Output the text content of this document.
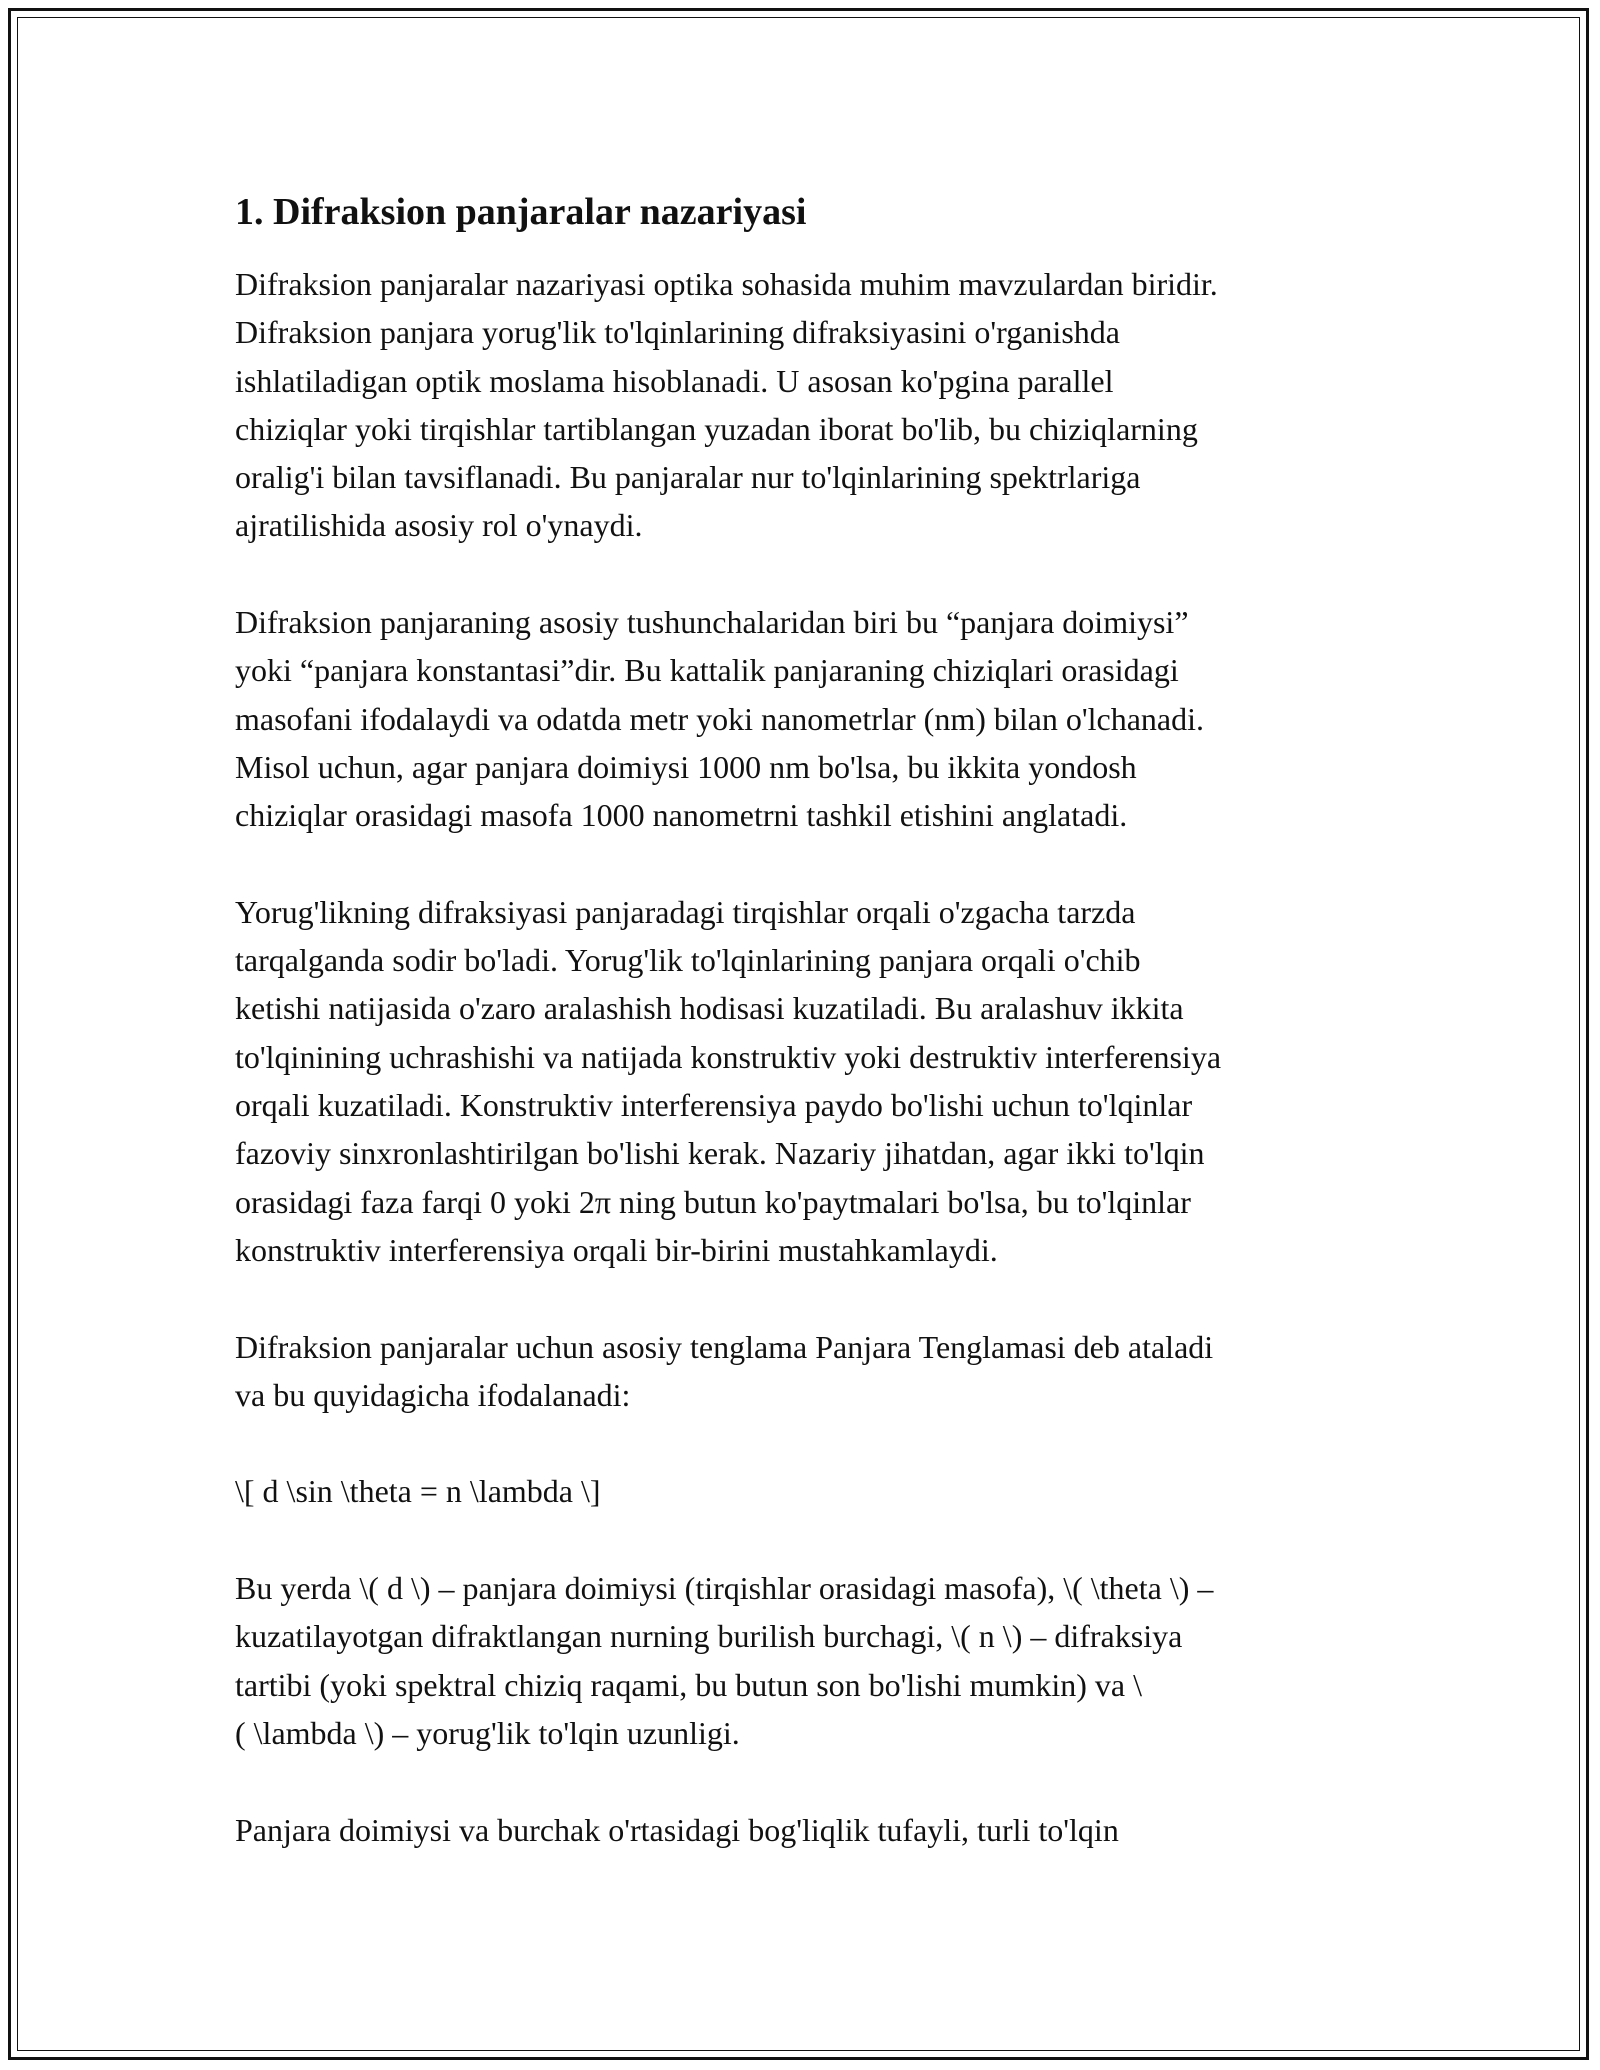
1. Difraksion panjaralar nazariyasi
Difraksion panjaralar nazariyasi optika sohasida muhim mavzulardan biridir.
Difraksion panjara yorug'lik to'lqinlarining difraksiyasini o'rganishda
ishlatiladigan optik moslama hisoblanadi. U asosan ko'pgina parallel
chiziqlar yoki tirqishlar tartiblangan yuzadan iborat bo'lib, bu chiziqlarning
oralig'i bilan tavsiflanadi. Bu panjaralar nur to'lqinlarining spektrlariga
ajratilishida asosiy rol o'ynaydi.
Difraksion panjaraning asosiy tushunchalaridan biri bu “panjara doimiysi”
yoki “panjara konstantasi”dir. Bu kattalik panjaraning chiziqlari orasidagi
masofani ifodalaydi va odatda metr yoki nanometrlar (nm) bilan o'lchanadi.
Misol uchun, agar panjara doimiysi 1000 nm bo'lsa, bu ikkita yondosh
chiziqlar orasidagi masofa 1000 nanometrni tashkil etishini anglatadi.
Yorug'likning difraksiyasi panjaradagi tirqishlar orqali o'zgacha tarzda
tarqalganda sodir bo'ladi. Yorug'lik to'lqinlarining panjara orqali o'chib
ketishi natijasida o'zaro aralashish hodisasi kuzatiladi. Bu aralashuv ikkita
to'lqinining uchrashishi va natijada konstruktiv yoki destruktiv interferensiya
orqali kuzatiladi. Konstruktiv interferensiya paydo bo'lishi uchun to'lqinlar
fazoviy sinxronlashtirilgan bo'lishi kerak. Nazariy jihatdan, agar ikki to'lqin
orasidagi faza farqi 0 yoki 2π ning butun ko'paytmalari bo'lsa, bu to'lqinlar
konstruktiv interferensiya orqali bir-birini mustahkamlaydi.
Difraksion panjaralar uchun asosiy tenglama Panjara Tenglamasi deb ataladi
va bu quyidagicha ifodalanadi:
\[ d \sin \theta = n \lambda \]
Bu yerda \( d \) – panjara doimiysi (tirqishlar orasidagi masofa), \( \theta \) –
kuzatilayotgan difraktlangan nurning burilish burchagi, \( n \) – difraksiya
tartibi (yoki spektral chiziq raqami, bu butun son bo'lishi mumkin) va \
( \lambda \) – yorug'lik to'lqin uzunligi.
Panjara doimiysi va burchak o'rtasidagi bog'liqlik tufayli, turli to'lqin
